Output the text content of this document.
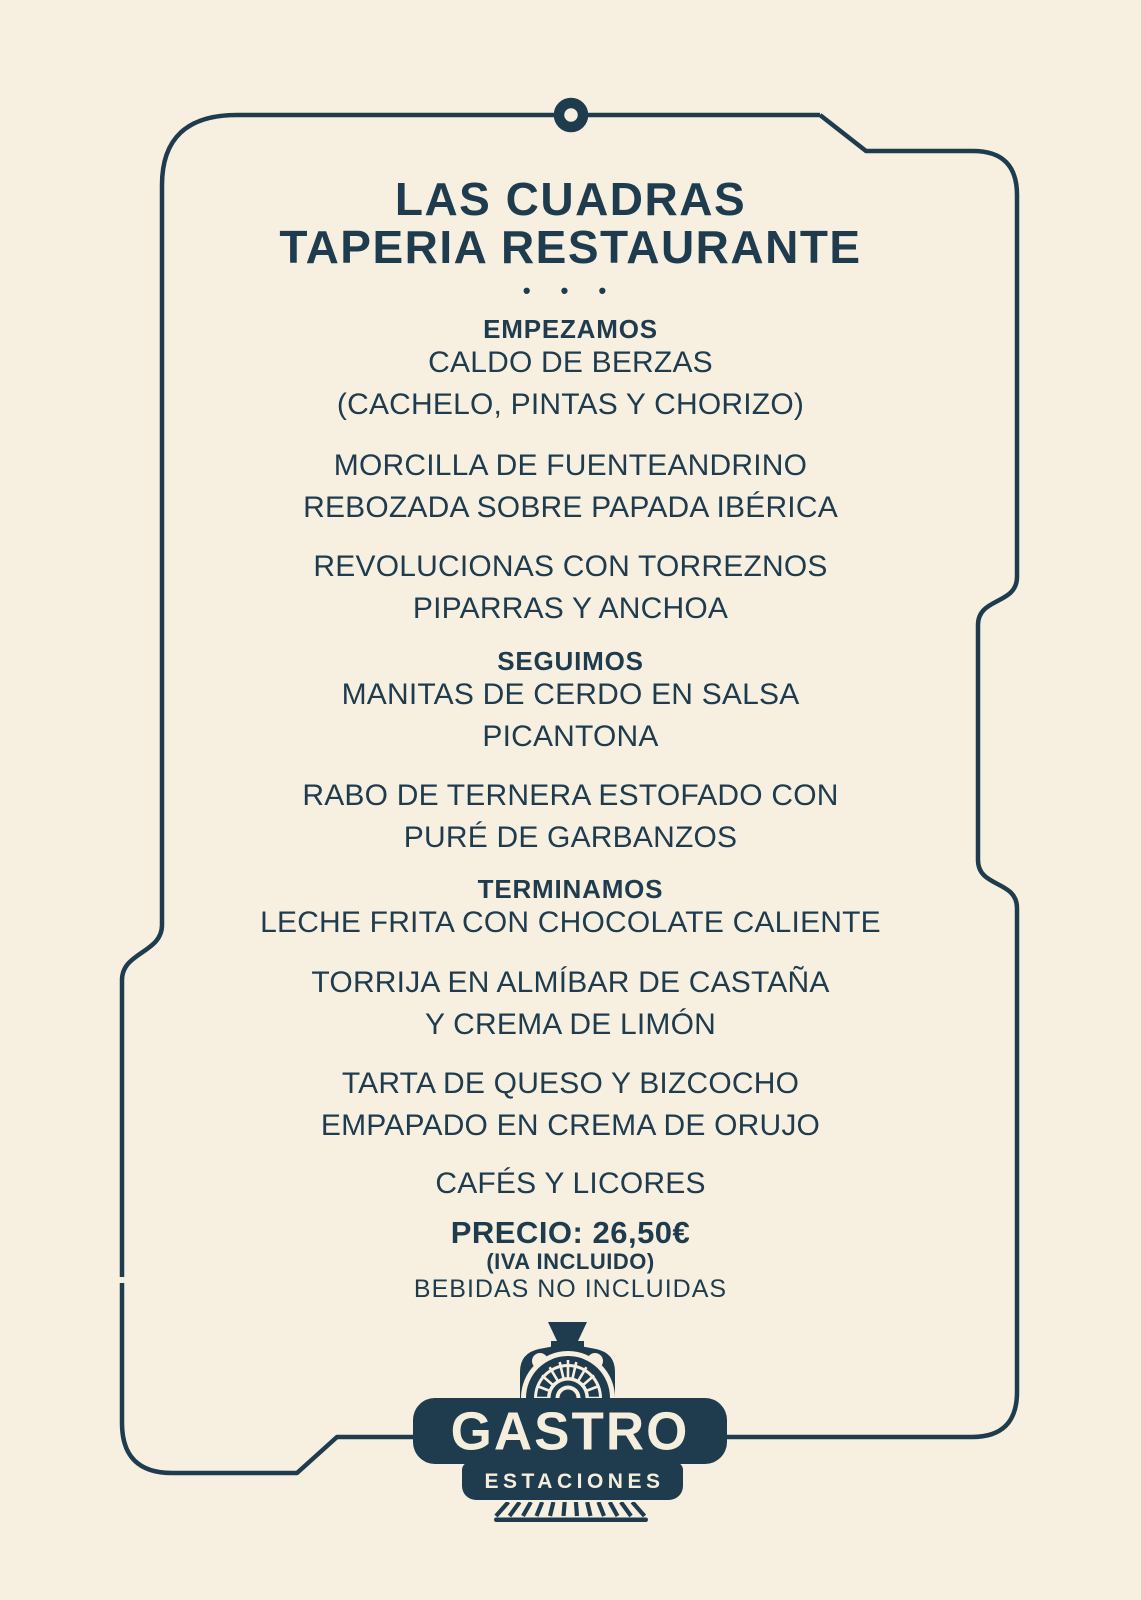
LAS CUADRAS
TAPERIA RESTAURANTE
• • •
EMPEZAMOS
CALDO DE BERZAS
(CACHELO, PINTAS Y CHORIZO)
MORCILLA DE FUENTEANDRINO
REBOZADA SOBRE PAPADA IBÉRICA
REVOLUCIONAS CON TORREZNOS
PIPARRAS Y ANCHOA
SEGUIMOS
MANITAS DE CERDO EN SALSA
PICANTONA
RABO DE TERNERA ESTOFADO CON
PURÉ DE GARBANZOS
TERMINAMOS
LECHE FRITA CON CHOCOLATE CALIENTE
TORRIJA EN ALMÍBAR DE CASTAÑA
Y CREMA DE LIMÓN
TARTA DE QUESO Y BIZCOCHO
EMPAPADO EN CREMA DE ORUJO
CAFÉS Y LICORES
PRECIO: 26,50€
(IVA INCLUIDO)
BEBIDAS NO INCLUIDAS
GASTRO
ESTACIONES
